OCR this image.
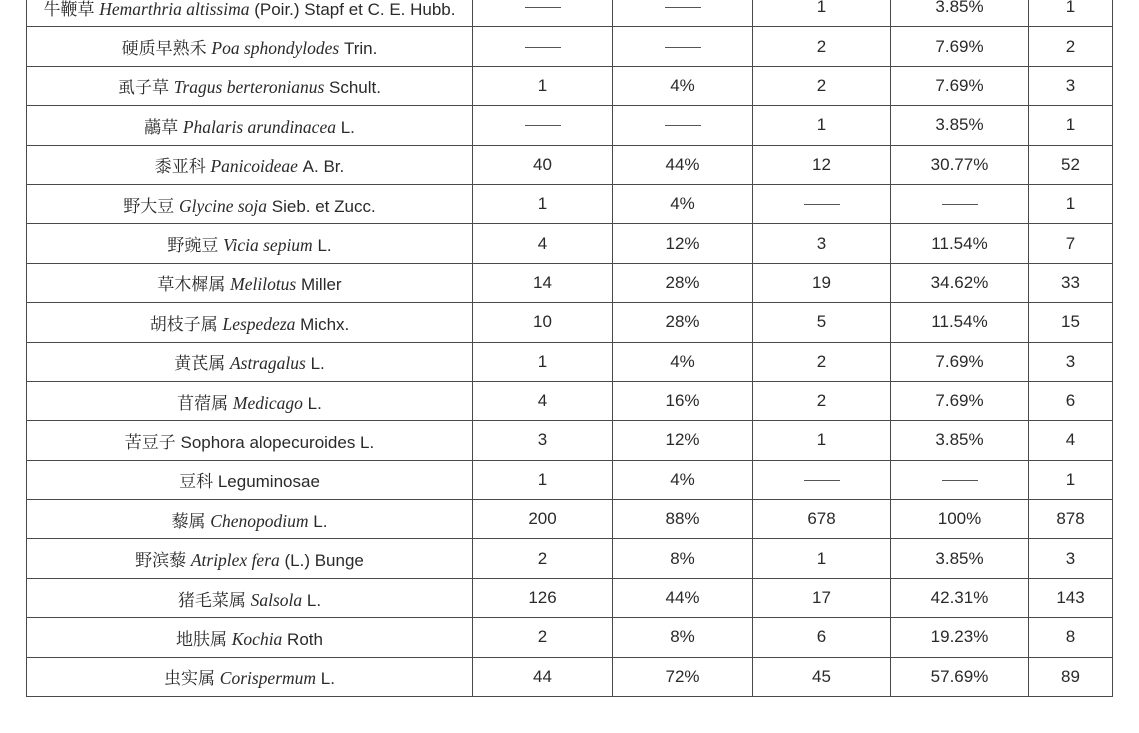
牛鞭草 Hemarthria altissima (Poir.) Stapf et C. E. Hubb.			1	3.85%	1
硬质早熟禾 Poa sphondylodes Trin.			2	7.69%	2
虱子草 Tragus berteronianus Schult.	1	4%	2	7.69%	3
虉草 Phalaris arundinacea L.			1	3.85%	1
黍亚科 Panicoideae A. Br.	40	44%	12	30.77%	52
野大豆 Glycine soja Sieb. et Zucc.	1	4%			1
野豌豆 Vicia sepium L.	4	12%	3	11.54%	7
草木樨属 Melilotus Miller	14	28%	19	34.62%	33
胡枝子属 Lespedeza Michx.	10	28%	5	11.54%	15
黄芪属 Astragalus L.	1	4%	2	7.69%	3
苜蓿属 Medicago L.	4	16%	2	7.69%	6
苦豆子 Sophora alopecuroides L.	3	12%	1	3.85%	4
豆科 Leguminosae	1	4%			1
藜属 Chenopodium L.	200	88%	678	100%	878
野滨藜 Atriplex fera (L.) Bunge	2	8%	1	3.85%	3
猪毛菜属 Salsola L.	126	44%	17	42.31%	143
地肤属 Kochia Roth	2	8%	6	19.23%	8
虫实属 Corispermum L.	44	72%	45	57.69%	89
